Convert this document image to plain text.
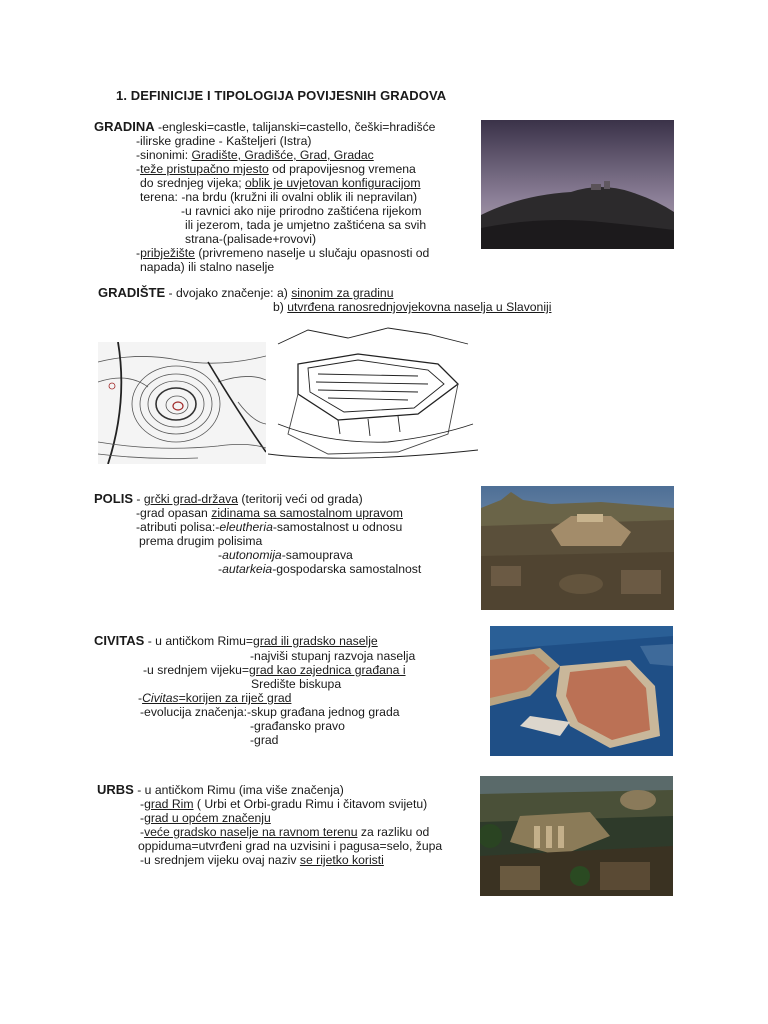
1. DEFINICIJE I TIPOLOGIJA POVIJESNIH GRADOVA
GRADINA -engleski=castle, talijanski=castello, češki=hradišće
-ilirske gradine - Kašteljeri (Istra)
-sinonimi: Gradište, Gradišće, Grad, Gradac
-teže pristupačno mjesto od prapovijesnog vremena
do srednjeg vijeka; oblik je uvjetovan konfiguracijom
terena: -na brdu (kružni ili ovalni oblik ili nepravilan)
-u ravnici ako nije prirodno zaštićena rijekom
ili jezerom, tada je umjetno zaštićena sa svih
strana-(palisade+rovovi)
-pribježište (privremeno naselje u slučaju opasnosti od
napada) ili stalno naselje
GRADIŠTE - dvojako značenje: a) sinonim za gradinu
b) utvrđena ranosrednjovjekovna naselja u Slavoniji
POLIS - grčki grad-država (teritorij veći od grada)
-grad opasan zidinama sa samostalnom upravom
-atributi polisa:-eleutheria-samostalnost u odnosu
prema drugim polisima
-autonomija-samouprava
-autarkeia-gospodarska samostalnost
CIVITAS - u antičkom Rimu=grad ili gradsko naselje
-najviši stupanj razvoja naselja
-u srednjem vijeku=grad kao zajednica građana i
Središte biskupa
-Civitas=korijen za riječ grad
-evolucija značenja:-skup građana jednog grada
-građansko pravo
-grad
URBS - u antičkom Rimu (ima više značenja)
-grad Rim ( Urbi et Orbi-gradu Rimu i čitavom svijetu)
-grad u općem značenju
-veće gradsko naselje na ravnom terenu za razliku od
oppiduma=utvrđeni grad na uzvisini i pagusa=selo, župa
-u srednjem vijeku ovaj naziv se rijetko koristi
